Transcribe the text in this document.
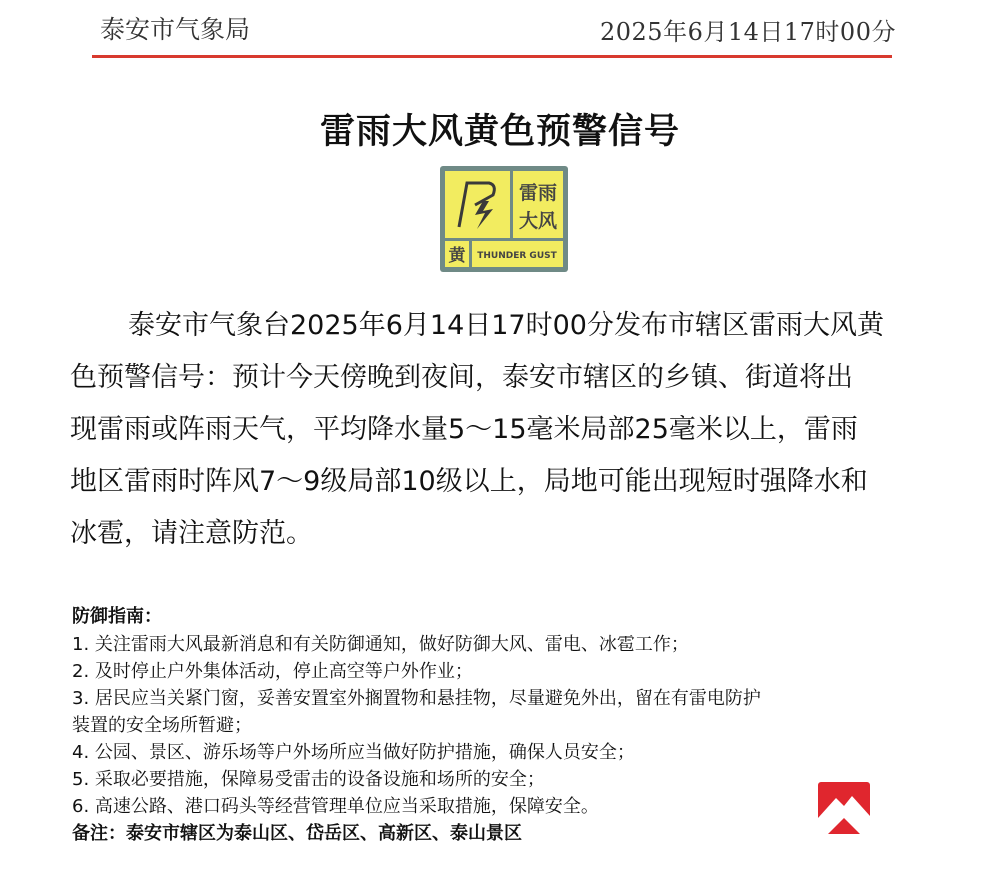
泰安市气象局	2025年6月14日17时00分
雷雨大风黄色预警信号
雷雨
大风
黄 THUNDER GUST
泰安市气象台2025年6月14日17时00分发布市辖区雷雨大风黄
色预警信号：预计今天傍晚到夜间，泰安市辖区的乡镇、街道将出
现雷雨或阵雨天气，平均降水量5～15毫米局部25毫米以上，雷雨
地区雷雨时阵风7～9级局部10级以上，局地可能出现短时强降水和
冰雹，请注意防范。
防御指南：
1. 关注雷雨大风最新消息和有关防御通知，做好防御大风、雷电、冰雹工作；
2. 及时停止户外集体活动，停止高空等户外作业；
3. 居民应当关紧门窗，妥善安置室外搁置物和悬挂物，尽量避免外出，留在有雷电防护
装置的安全场所暂避；
4. 公园、景区、游乐场等户外场所应当做好防护措施，确保人员安全；
5. 采取必要措施，保障易受雷击的设备设施和场所的安全；
6. 高速公路、港口码头等经营管理单位应当采取措施，保障安全。
备注：泰安市辖区为泰山区、岱岳区、高新区、泰山景区
